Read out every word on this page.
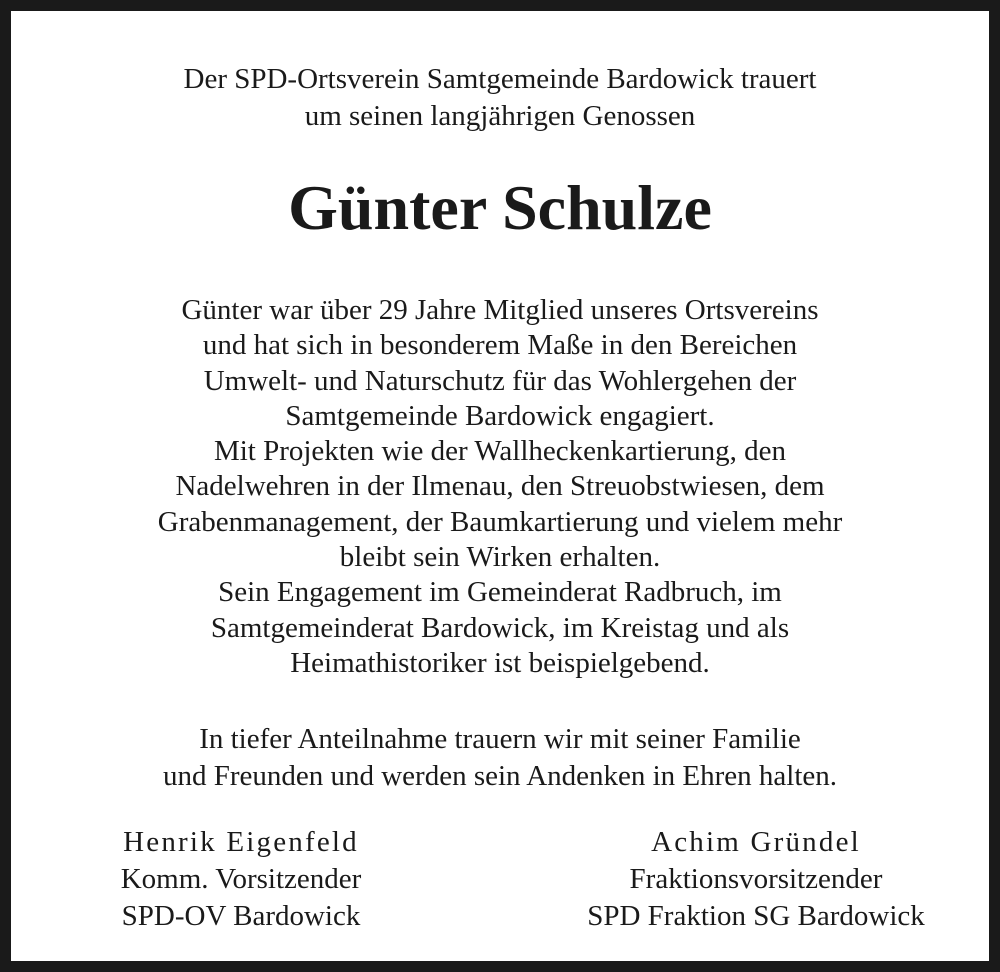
Der SPD-Ortsverein Samtgemeinde Bardowick trauert
um seinen langjährigen Genossen
Günter Schulze
Günter war über 29 Jahre Mitglied unseres Ortsvereins
und hat sich in besonderem Maße in den Bereichen
Umwelt- und Naturschutz für das Wohlergehen der
Samtgemeinde Bardowick engagiert.
Mit Projekten wie der Wallheckenkartierung, den
Nadelwehren in der Ilmenau, den Streuobstwiesen, dem
Grabenmanagement, der Baumkartierung und vielem mehr
bleibt sein Wirken erhalten.
Sein Engagement im Gemeinderat Radbruch, im
Samtgemeinderat Bardowick, im Kreistag und als
Heimathistoriker ist beispielgebend.
In tiefer Anteilnahme trauern wir mit seiner Familie
und Freunden und werden sein Andenken in Ehren halten.
Henrik Eigenfeld
Komm. Vorsitzender
SPD-OV Bardowick
Achim Gründel
Fraktionsvorsitzender
SPD Fraktion SG Bardowick
